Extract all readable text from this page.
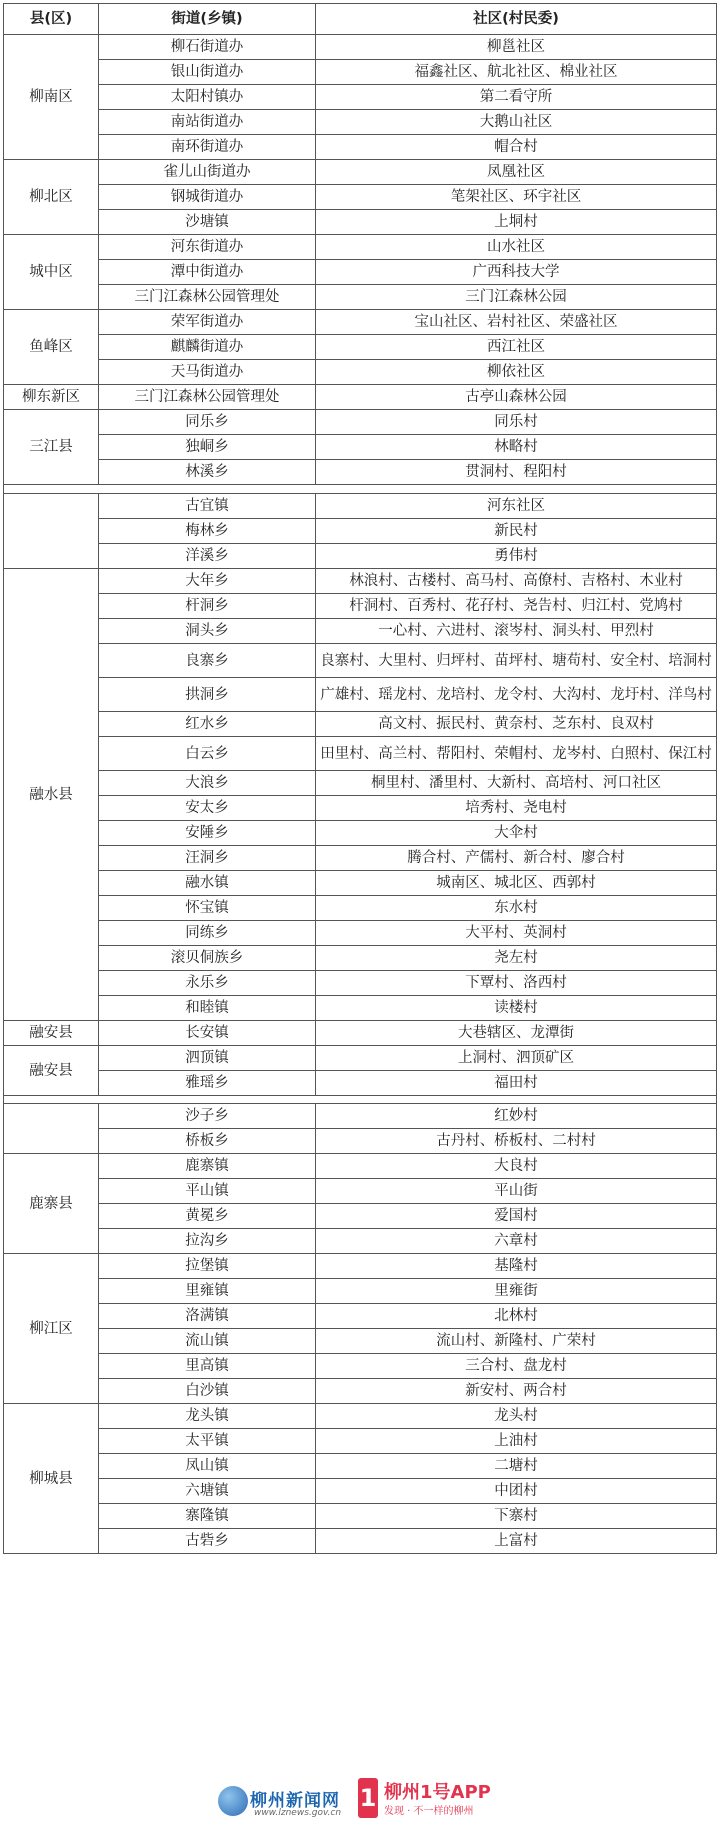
县(区)	街道(乡镇)	社区(村民委)
柳南区	柳石街道办	柳邕社区
	银山街道办	福鑫社区、航北社区、棉业社区
	太阳村镇办	第二看守所
	南站街道办	大鹅山社区
	南环街道办	帽合村
柳北区	雀儿山街道办	凤凰社区
	钢城街道办	笔架社区、环宇社区
	沙塘镇	上垌村
城中区	河东街道办	山水社区
	潭中街道办	广西科技大学
	三门江森林公园管理处	三门江森林公园
鱼峰区	荣军街道办	宝山社区、岩村社区、荣盛社区
	麒麟街道办	西江社区
	天马街道办	柳依社区
柳东新区	三门江森林公园管理处	古亭山森林公园
三江县	同乐乡	同乐村
	独峒乡	林略村
	林溪乡	贯洞村、程阳村

	古宜镇	河东社区
	梅林乡	新民村
	洋溪乡	勇伟村
融水县	大年乡	林浪村、古楼村、高马村、高僚村、吉格村、木业村
	杆洞乡	杆洞村、百秀村、花孖村、尧告村、归江村、党鸠村
	洞头乡	一心村、六进村、滚岑村、洞头村、甲烈村
	良寨乡	良寨村、大里村、归坪村、苗坪村、塘苟村、安全村、培洞村
	拱洞乡	广雄村、瑶龙村、龙培村、龙令村、大沟村、龙圩村、洋鸟村
	红水乡	高文村、振民村、黄奈村、芝东村、良双村
	白云乡	田里村、高兰村、帮阳村、荣帽村、龙岑村、白照村、保江村
	大浪乡	桐里村、潘里村、大新村、高培村、河口社区
	安太乡	培秀村、尧电村
	安陲乡	大伞村
	汪洞乡	腾合村、产儒村、新合村、廖合村
	融水镇	城南区、城北区、西郭村
	怀宝镇	东水村
	同练乡	大平村、英洞村
	滚贝侗族乡	尧左村
	永乐乡	下覃村、洛西村
	和睦镇	读楼村
融安县	长安镇	大巷辖区、龙潭街
融安县	泗顶镇	上洞村、泗顶矿区
	雅瑶乡	福田村

	沙子乡	红妙村
	桥板乡	古丹村、桥板村、二村村
鹿寨县	鹿寨镇	大良村
	平山镇	平山街
	黄冕乡	爱国村
	拉沟乡	六章村
柳江区	拉堡镇	基隆村
	里雍镇	里雍街
	洛满镇	北林村
	流山镇	流山村、新隆村、广荣村
	里高镇	三合村、盘龙村
	白沙镇	新安村、两合村
柳城县	龙头镇	龙头村
	太平镇	上油村
	凤山镇	二塘村
	六塘镇	中团村
	寨隆镇	下寨村
	古砦乡	上富村
柳州新闻网
www.lznews.gov.cn
1 柳州1号APP
发现 · 不一样的柳州
